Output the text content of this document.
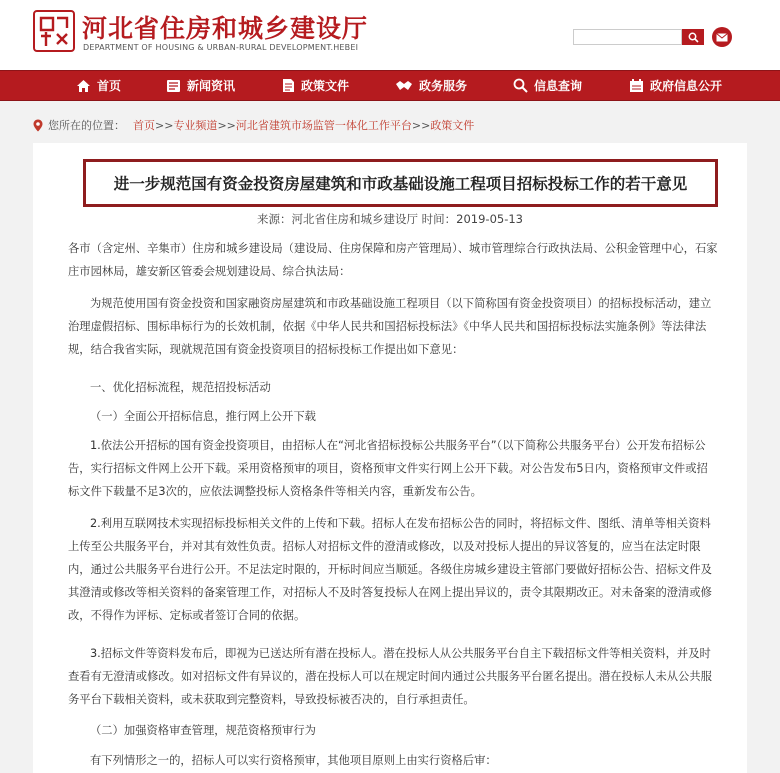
河北省住房和城乡建设厅
DEPARTMENT OF HOUSING & URBAN-RURAL DEVELOPMENT.HEBEI
首页	新闻资讯	政策文件	政务服务	信息查询	政府信息公开
您所在的位置： 首页 >> 专业频道 >> 河北省建筑市场监管一体化工作平台 >> 政策文件
进一步规范国有资金投资房屋建筑和市政基础设施工程项目招标投标工作的若干意见
来源：河北省住房和城乡建设厅 时间：2019-05-13

各市（含定州、辛集市）住房和城乡建设局（建设局、住房保障和房产管理局）、城市管理综合行政执法局、公积金管理中心，石家庄市园林局，雄安新区管委会规划建设局、综合执法局：

为规范使用国有资金投资和国家融资房屋建筑和市政基础设施工程项目（以下简称国有资金投资项目）的招标投标活动，建立治理虚假招标、围标串标行为的长效机制，依据《中华人民共和国招标投标法》《中华人民共和国招标投标法实施条例》等法律法规，结合我省实际，现就规范国有资金投资项目的招标投标工作提出如下意见：

一、优化招标流程，规范招投标活动
（一）全面公开招标信息，推行网上公开下载

1.依法公开招标的国有资金投资项目，由招标人在“河北省招标投标公共服务平台”（以下简称公共服务平台）公开发布招标公告，实行招标文件网上公开下载。采用资格预审的项目，资格预审文件实行网上公开下载。对公告发布5日内，资格预审文件或招标文件下载量不足3次的，应依法调整投标人资格条件等相关内容，重新发布公告。

2.利用互联网技术实现招标投标相关文件的上传和下载。招标人在发布招标公告的同时，将招标文件、图纸、清单等相关资料上传至公共服务平台，并对其有效性负责。招标人对招标文件的澄清或修改，以及对投标人提出的异议答复的，应当在法定时限内，通过公共服务平台进行公开。不足法定时限的，开标时间应当顺延。各级住房城乡建设主管部门要做好招标公告、招标文件及其澄清或修改等相关资料的备案管理工作，对招标人不及时答复投标人在网上提出异议的，责令其限期改正。对未备案的澄清或修改，不得作为评标、定标或者签订合同的依据。

3.招标文件等资料发布后，即视为已送达所有潜在投标人。潜在投标人从公共服务平台自主下载招标文件等相关资料，并及时查看有无澄清或修改。如对招标文件有异议的，潜在投标人可以在规定时间内通过公共服务平台匿名提出。潜在投标人未从公共服务平台下载相关资料，或未获取到完整资料，导致投标被否决的，自行承担责任。

（二）加强资格审查管理，规范资格预审行为
有下列情形之一的，招标人可以实行资格预审，其他项目原则上由实行资格后审：
